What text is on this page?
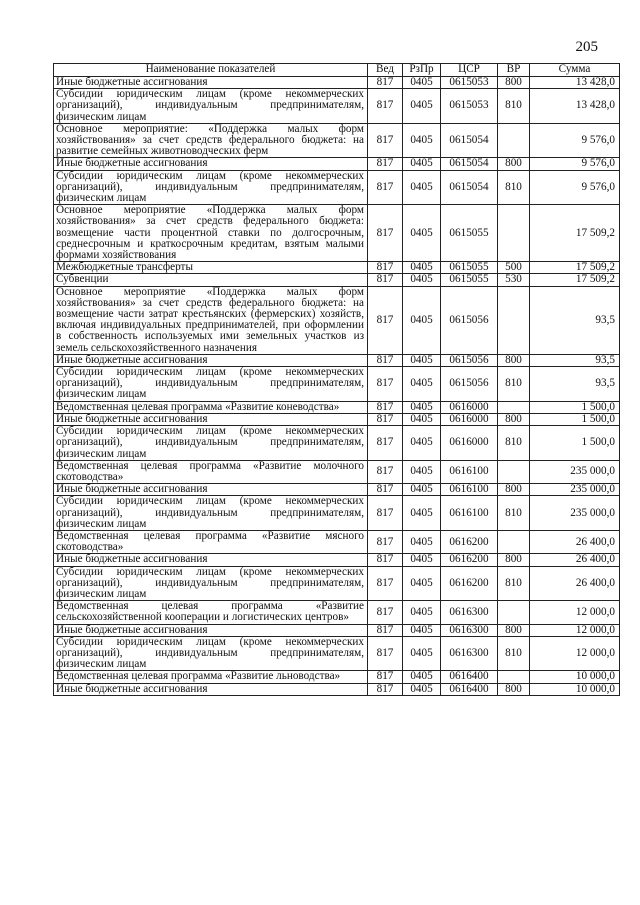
205
Наименование показателей	Вед	РзПр	ЦСР	ВР	Сумма
Иные бюджетные ассигнования	817	0405	0615053	800	13 428,0
Субсидии юридическим лицам (кроме некоммерческих организаций), индивидуальным предпринимателям, физическим лицам	817	0405	0615053	810	13 428,0
Основное мероприятие: «Поддержка малых форм хозяйствования» за счет средств федерального бюджета: на развитие семейных животноводческих ферм	817	0405	0615054		9 576,0
Иные бюджетные ассигнования	817	0405	0615054	800	9 576,0
Субсидии юридическим лицам (кроме некоммерческих организаций), индивидуальным предпринимателям, физическим лицам	817	0405	0615054	810	9 576,0
Основное мероприятие «Поддержка малых форм хозяйствования» за счет средств федерального бюджета: возмещение части процентной ставки по долгосрочным, среднесрочным и краткосрочным кредитам, взятым малыми формами хозяйствования	817	0405	0615055		17 509,2
Межбюджетные трансферты	817	0405	0615055	500	17 509,2
Субвенции	817	0405	0615055	530	17 509,2
Основное мероприятие «Поддержка малых форм хозяйствования» за счет средств федерального бюджета: на возмещение части затрат крестьянских (фермерских) хозяйств, включая индивидуальных предпринимателей, при оформлении в собственность используемых ими земельных участков из земель сельскохозяйственного назначения	817	0405	0615056		93,5
Иные бюджетные ассигнования	817	0405	0615056	800	93,5
Субсидии юридическим лицам (кроме некоммерческих организаций), индивидуальным предпринимателям, физическим лицам	817	0405	0615056	810	93,5
Ведомственная целевая программа «Развитие коневодства»	817	0405	0616000		1 500,0
Иные бюджетные ассигнования	817	0405	0616000	800	1 500,0
Субсидии юридическим лицам (кроме некоммерческих организаций), индивидуальным предпринимателям, физическим лицам	817	0405	0616000	810	1 500,0
Ведомственная целевая программа «Развитие молочного скотоводства»	817	0405	0616100		235 000,0
Иные бюджетные ассигнования	817	0405	0616100	800	235 000,0
Субсидии юридическим лицам (кроме некоммерческих организаций), индивидуальным предпринимателям, физическим лицам	817	0405	0616100	810	235 000,0
Ведомственная целевая программа «Развитие мясного скотоводства»	817	0405	0616200		26 400,0
Иные бюджетные ассигнования	817	0405	0616200	800	26 400,0
Субсидии юридическим лицам (кроме некоммерческих организаций), индивидуальным предпринимателям, физическим лицам	817	0405	0616200	810	26 400,0
Ведомственная целевая программа «Развитие сельскохозяйственной кооперации и логистических центров»	817	0405	0616300		12 000,0
Иные бюджетные ассигнования	817	0405	0616300	800	12 000,0
Субсидии юридическим лицам (кроме некоммерческих организаций), индивидуальным предпринимателям, физическим лицам	817	0405	0616300	810	12 000,0
Ведомственная целевая программа «Развитие льноводства»	817	0405	0616400		10 000,0
Иные бюджетные ассигнования	817	0405	0616400	800	10 000,0
